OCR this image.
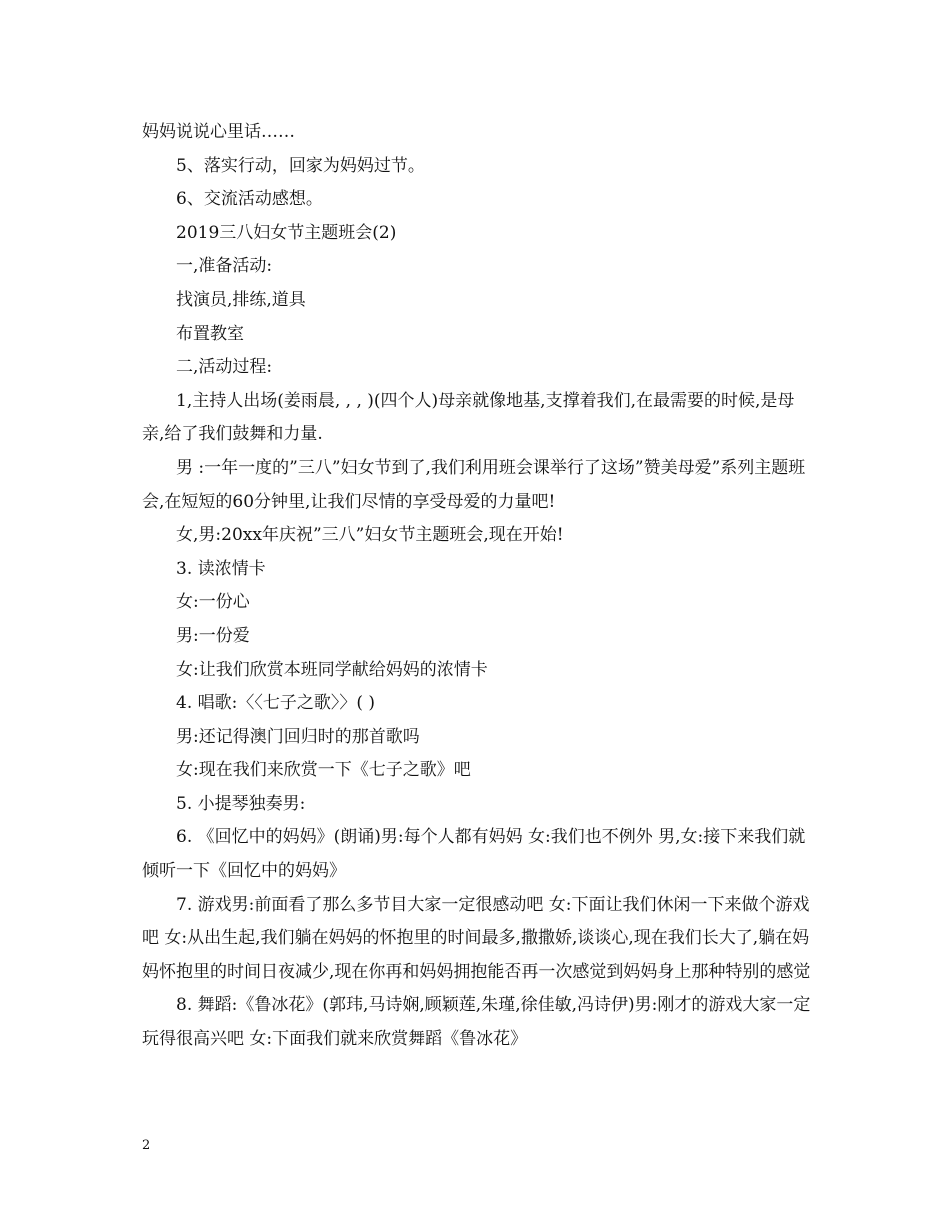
妈妈说说心里话……

5、落实行动，回家为妈妈过节。

6、交流活动感想。

2019三八妇女节主题班会(2)

一,准备活动:

找演员,排练,道具

布置教室

二,活动过程:

1,主持人出场(姜雨晨, , , )(四个人)母亲就像地基,支撑着我们,在最需要的时候,是母亲,给了我们鼓舞和力量.

男 :一年一度的”三八”妇女节到了,我们利用班会课举行了这场”赞美母爱”系列主题班会,在短短的60分钟里,让我们尽情的享受母爱的力量吧!

女,男:20xx年庆祝”三八”妇女节主题班会,现在开始!

3. 读浓情卡

女:一份心

男:一份爱

女:让我们欣赏本班同学献给妈妈的浓情卡

4. 唱歌:〈〈七子之歌〉〉( )

男:还记得澳门回归时的那首歌吗

女:现在我们来欣赏一下《七子之歌》吧

5. 小提琴独奏男:

6. 《回忆中的妈妈》(朗诵)男:每个人都有妈妈 女:我们也不例外 男,女:接下来我们就倾听一下《回忆中的妈妈》

7. 游戏男:前面看了那么多节目大家一定很感动吧 女:下面让我们休闲一下来做个游戏吧 女:从出生起,我们躺在妈妈的怀抱里的时间最多,撒撒娇,谈谈心,现在我们长大了,躺在妈妈怀抱里的时间日夜减少,现在你再和妈妈拥抱能否再一次感觉到妈妈身上那种特别的感觉

8. 舞蹈:《鲁冰花》(郭玮,马诗娴,顾颖莲,朱瑾,徐佳敏,冯诗伊)男:刚才的游戏大家一定玩得很高兴吧 女:下面我们就来欣赏舞蹈《鲁冰花》

2
